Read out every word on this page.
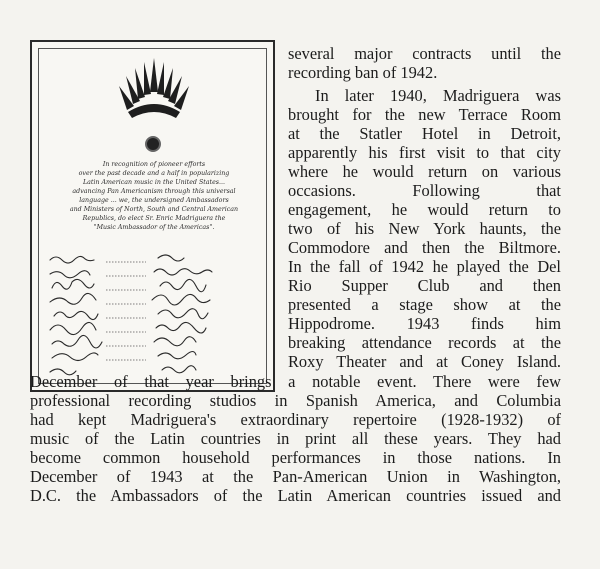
In recognition of pioneer efforts
over the past decade and a half in popularizing
Latin American music in the United States...
advancing Pan Americanism through this universal
language ... we, the undersigned Ambassadors
and Ministers of North, South and Central American
Republics, do elect Sr. Enric Madriguera the
"Music Ambassador of the Americas".

several major contracts until the

recording ban of 1942.

In later 1940, Madriguera was

brought for the new Terrace Room

at the Statler Hotel in Detroit,

apparently his first visit to that city

where he would return on various

occasions. Following that

engagement, he would return to

two of his New York haunts, the

Commodore and then the Biltmore.

In the fall of 1942 he played the Del

Rio Supper Club and then

presented a stage show at the

Hippodrome. 1943 finds him

breaking attendance records at the

Roxy Theater and at Coney Island.

December of that year brings a notable event. There were few

professional recording studios in Spanish America, and Columbia

had kept Madriguera's extraordinary repertoire (1928-1932) of

music of the Latin countries in print all these years. They had

become common household performances in those nations. In

December of 1943 at the Pan-American Union in Washington,

D.C. the Ambassadors of the Latin American countries issued and
